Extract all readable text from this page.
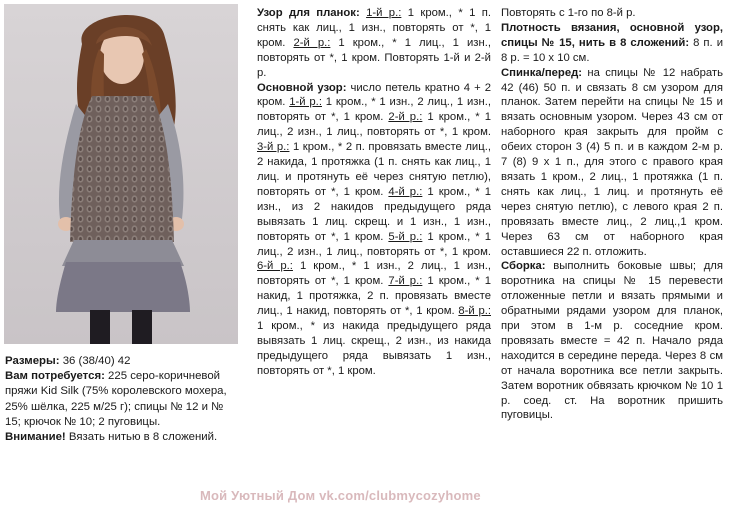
Размеры: 36 (38/40) 42

Вам потребуется: 225 серо-коричневой пряжи Kid Silk (75% королевского мохера, 25% шёлка, 225 м/25 г); спицы № 12 и № 15; крючок № 10; 2 пуговицы.

Внимание! Вязать нитью в 8 сложений.

Узор для планок: 1-й р.: 1 кром., * 1 п. снять как лиц., 1 изн., повторять от *, 1 кром. 2-й р.: 1 кром., * 1 лиц., 1 изн., повторять от *, 1 кром. Повторять 1-й и 2-й р.

Основной узор: число петель кратно 4 + 2 кром. 1-й р.: 1 кром., * 1 изн., 2 лиц., 1 изн., повторять от *, 1 кром. 2-й р.: 1 кром., * 1 лиц., 2 изн., 1 лиц., повторять от *, 1 кром. 3-й р.: 1 кром., * 2 п. провязать вместе лиц., 2 накида, 1 протяжка (1 п. снять как лиц., 1 лиц. и протянуть её через снятую петлю), повторять от *, 1 кром. 4-й р.: 1 кром., * 1 изн., из 2 накидов предыдущего ряда вывязать 1 лиц. скрещ. и 1 изн., 1 изн., повторять от *, 1 кром. 5-й р.: 1 кром., * 1 лиц., 2 изн., 1 лиц., повторять от *, 1 кром. 6-й р.: 1 кром., * 1 изн., 2 лиц., 1 изн., повторять от *, 1 кром. 7-й р.: 1 кром., * 1 накид, 1 протяжка, 2 п. провязать вместе лиц., 1 накид, повторять от *, 1 кром. 8-й р.: 1 кром., * из накида предыдущего ряда вывязать 1 лиц. скрещ., 2 изн., из накида предыдущего ряда вывязать 1 изн., повторять от *, 1 кром.

Повторять с 1-го по 8-й р.

Плотность вязания, основной узор, спицы № 15, нить в 8 сложений: 8 п. и 8 р. = 10 х 10 см.

Спинка/перед: на спицы № 12 набрать 42 (46) 50 п. и связать 8 см узором для планок. Затем перейти на спицы № 15 и вязать основным узором. Через 43 см от наборного края закрыть для пройм с обеих сторон 3 (4) 5 п. и в каждом 2-м р. 7 (8) 9 х 1 п., для этого с правого края вязать 1 кром., 2 лиц., 1 протяжка (1 п. снять как лиц., 1 лиц. и протянуть её через снятую петлю), с левого края 2 п. провязать вместе лиц., 2 лиц.,1 кром. Через 63 см от наборного края оставшиеся 22 п. отложить.

Сборка: выполнить боковые швы; для воротника на спицы № 15 перевести отложенные петли и вязать прямыми и обратными рядами узором для планок, при этом в 1-м р. соседние кром. провязать вместе = 42 п. Начало ряда находится в середине переда. Через 8 см от начала воротника все петли закрыть. Затем воротник обвязать крючком № 10 1 р. соед. ст. На воротник пришить пуговицы.

Мой Уютный Дом vk.com/clubmycozyhome
